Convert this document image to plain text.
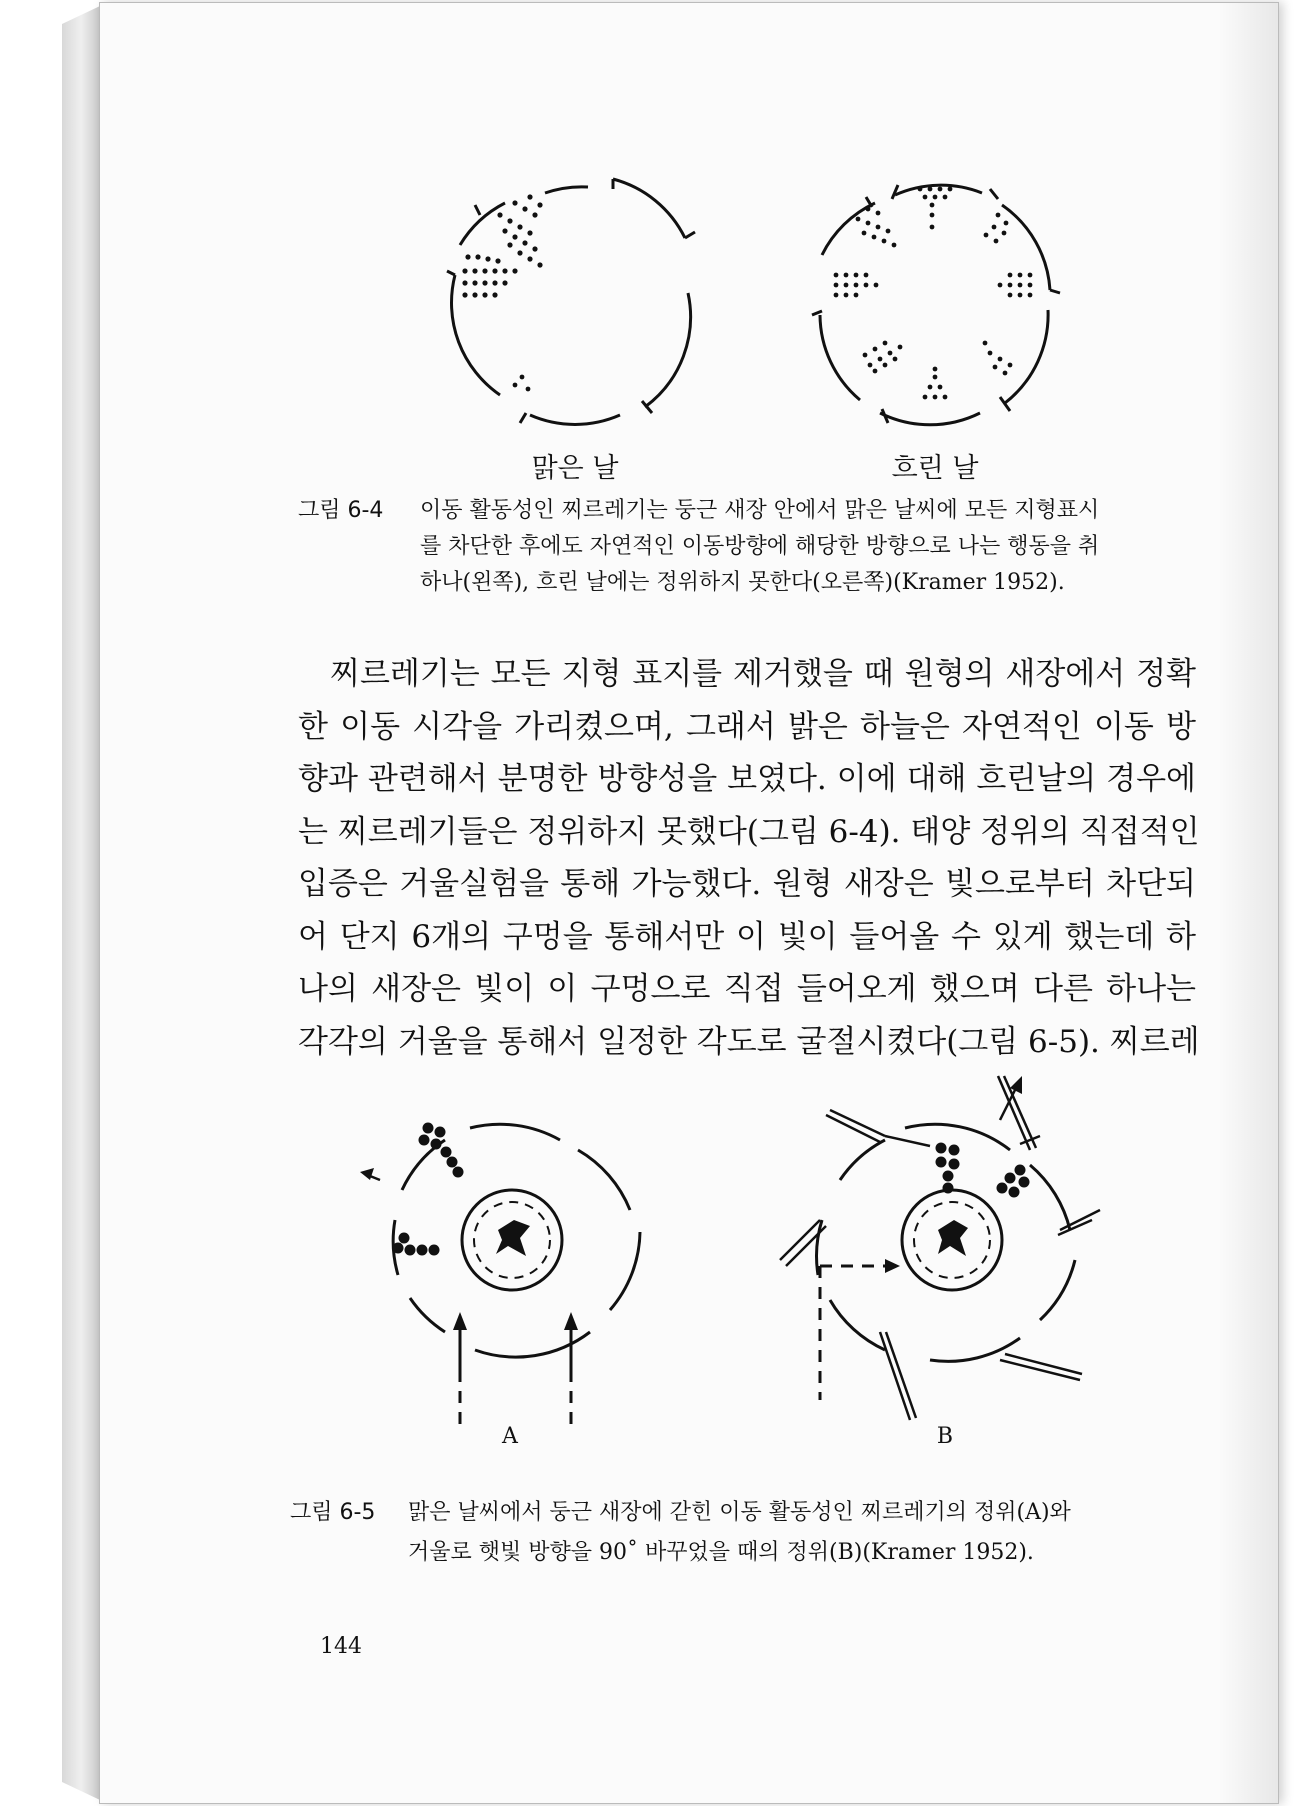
맑은 날	흐린 날
그림 6-4 이동 활동성인 찌르레기는 둥근 새장 안에서 맑은 날씨에 모든 지형표시
를 차단한 후에도 자연적인 이동방향에 해당한 방향으로 나는 행동을 취
하나(왼쪽), 흐린 날에는 정위하지 못한다(오른쪽)(Kramer 1952).
찌르레기는 모든 지형 표지를 제거했을 때 원형의 새장에서 정확
한 이동 시각을 가리켰으며, 그래서 밝은 하늘은 자연적인 이동 방
향과 관련해서 분명한 방향성을 보였다. 이에 대해 흐린날의 경우에
는 찌르레기들은 정위하지 못했다(그림 6-4). 태양 정위의 직접적인
입증은 거울실험을 통해 가능했다. 원형 새장은 빛으로부터 차단되
어 단지 6개의 구멍을 통해서만 이 빛이 들어올 수 있게 했는데 하
나의 새장은 빛이 이 구멍으로 직접 들어오게 했으며 다른 하나는
각각의 거울을 통해서 일정한 각도로 굴절시켰다(그림 6-5). 찌르레
A	B
그림 6-5 맑은 날씨에서 둥근 새장에 갇힌 이동 활동성인 찌르레기의 정위(A)와
거울로 햇빛 방향을 90˚ 바꾸었을 때의 정위(B)(Kramer 1952).
144
